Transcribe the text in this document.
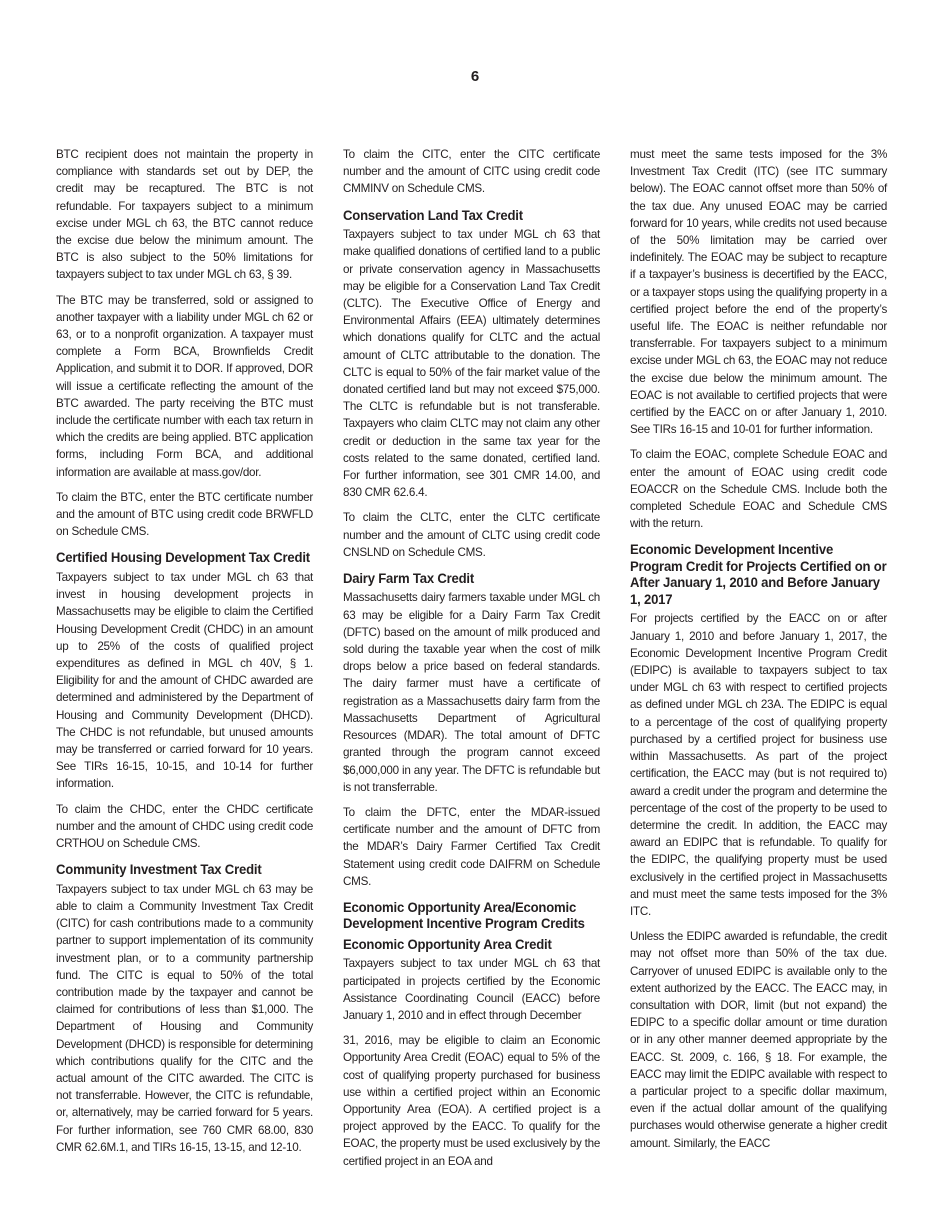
6

BTC recipient does not maintain the property in compliance with standards set out by DEP, the credit may be recaptured. The BTC is not refundable. For taxpayers subject to a minimum excise under MGL ch 63, the BTC cannot reduce the excise due below the minimum amount. The BTC is also subject to the 50% limitations for taxpayers subject to tax under MGL ch 63, § 39.

The BTC may be transferred, sold or assigned to another taxpayer with a liability under MGL ch 62 or 63, or to a nonprofit organization. A taxpayer must complete a Form BCA, Brownfields Credit Application, and submit it to DOR. If approved, DOR will issue a certificate reflecting the amount of the BTC awarded. The party receiving the BTC must include the certificate number with each tax return in which the credits are being applied. BTC application forms, including Form BCA, and additional information are available at mass.gov/dor.

To claim the BTC, enter the BTC certificate number and the amount of BTC using credit code BRWFLD on Schedule CMS.

Certified Housing Development Tax Credit

Taxpayers subject to tax under MGL ch 63 that invest in housing development projects in Massachusetts may be eligible to claim the Certified Housing Development Credit (CHDC) in an amount up to 25% of the costs of qualified project expenditures as defined in MGL ch 40V, § 1. Eligibility for and the amount of CHDC awarded are determined and administered by the Department of Housing and Community Development (DHCD). The CHDC is not refundable, but unused amounts may be transferred or carried forward for 10 years. See TIRs 16-15, 10-15, and 10-14 for further information.

To claim the CHDC, enter the CHDC certificate number and the amount of CHDC using credit code CRTHOU on Schedule CMS.

Community Investment Tax Credit

Taxpayers subject to tax under MGL ch 63 may be able to claim a Community Investment Tax Credit (CITC) for cash contributions made to a community partner to support implementation of its community investment plan, or to a community partnership fund. The CITC is equal to 50% of the total contribution made by the taxpayer and cannot be claimed for contributions of less than $1,000. The Department of Housing and Community Development (DHCD) is responsible for determining which contributions qualify for the CITC and the actual amount of the CITC awarded. The CITC is not transferrable. However, the CITC is refundable, or, alternatively, may be carried forward for 5 years. For further information, see 760 CMR 68.00, 830 CMR 62.6M.1, and TIRs 16-15, 13-15, and 12-10.

To claim the CITC, enter the CITC certificate number and the amount of CITC using credit code CMMINV on Schedule CMS.

Conservation Land Tax Credit

Taxpayers subject to tax under MGL ch 63 that make qualified donations of certified land to a public or private conservation agency in Massachusetts may be eligible for a Conservation Land Tax Credit (CLTC). The Executive Office of Energy and Environmental Affairs (EEA) ultimately determines which donations qualify for CLTC and the actual amount of CLTC attributable to the donation. The CLTC is equal to 50% of the fair market value of the donated certified land but may not exceed $75,000. The CLTC is refundable but is not transferable. Taxpayers who claim CLTC may not claim any other credit or deduction in the same tax year for the costs related to the same donated, certified land. For further information, see 301 CMR 14.00, and 830 CMR 62.6.4.

To claim the CLTC, enter the CLTC certificate number and the amount of CLTC using credit code CNSLND on Schedule CMS.

Dairy Farm Tax Credit

Massachusetts dairy farmers taxable under MGL ch 63 may be eligible for a Dairy Farm Tax Credit (DFTC) based on the amount of milk produced and sold during the taxable year when the cost of milk drops below a price based on federal standards. The dairy farmer must have a certificate of registration as a Massachusetts dairy farm from the Massachusetts Department of Agricultural Resources (MDAR). The total amount of DFTC granted through the program cannot exceed $6,000,000 in any year. The DFTC is refundable but is not transferrable.

To claim the DFTC, enter the MDAR-issued certificate number and the amount of DFTC from the MDAR’s Dairy Farmer Certified Tax Credit Statement using credit code DAIFRM on Schedule CMS.

Economic Opportunity Area/Economic Development Incentive Program Credits
Economic Opportunity Area Credit

Taxpayers subject to tax under MGL ch 63 that participated in projects certified by the Economic Assistance Coordinating Council (EACC) before January 1, 2010 and in effect through December

31, 2016, may be eligible to claim an Economic Opportunity Area Credit (EOAC) equal to 5% of the cost of qualifying property purchased for business use within a certified project within an Economic Opportunity Area (EOA). A certified project is a project approved by the EACC. To qualify for the EOAC, the property must be used exclusively by the certified project in an EOA and

must meet the same tests imposed for the 3% Investment Tax Credit (ITC) (see ITC summary below). The EOAC cannot offset more than 50% of the tax due. Any unused EOAC may be carried forward for 10 years, while credits not used because of the 50% limitation may be carried over indefinitely. The EOAC may be subject to recapture if a taxpayer’s business is decertified by the EACC, or a taxpayer stops using the qualifying property in a certified project before the end of the property’s useful life. The EOAC is neither refundable nor transferrable. For taxpayers subject to a minimum excise under MGL ch 63, the EOAC may not reduce the excise due below the minimum amount. The EOAC is not available to certified projects that were certified by the EACC on or after January 1, 2010. See TIRs 16-15 and 10-01 for further information.

To claim the EOAC, complete Schedule EOAC and enter the amount of EOAC using credit code EOACCR on the Schedule CMS. Include both the completed Schedule EOAC and Schedule CMS with the return.

Economic Development Incentive Program Credit for Projects Certified on or After January 1, 2010 and Before January 1, 2017

For projects certified by the EACC on or after January 1, 2010 and before January 1, 2017, the Economic Development Incentive Program Credit (EDIPC) is available to taxpayers subject to tax under MGL ch 63 with respect to certified projects as defined under MGL ch 23A. The EDIPC is equal to a percentage of the cost of qualifying property purchased by a certified project for business use within Massachusetts. As part of the project certification, the EACC may (but is not required to) award a credit under the program and determine the percentage of the cost of the property to be used to determine the credit. In addition, the EACC may award an EDIPC that is refundable. To qualify for the EDIPC, the qualifying property must be used exclusively in the certified project in Massachusetts and must meet the same tests imposed for the 3% ITC.

Unless the EDIPC awarded is refundable, the credit may not offset more than 50% of the tax due. Carryover of unused EDIPC is available only to the extent authorized by the EACC. The EACC may, in consultation with DOR, limit (but not expand) the EDIPC to a specific dollar amount or time duration or in any other manner deemed appropriate by the EACC. St. 2009, c. 166, § 18. For example, the EACC may limit the EDIPC available with respect to a particular project to a specific dollar maximum, even if the actual dollar amount of the qualifying purchases would otherwise generate a higher credit amount. Similarly, the EACC
